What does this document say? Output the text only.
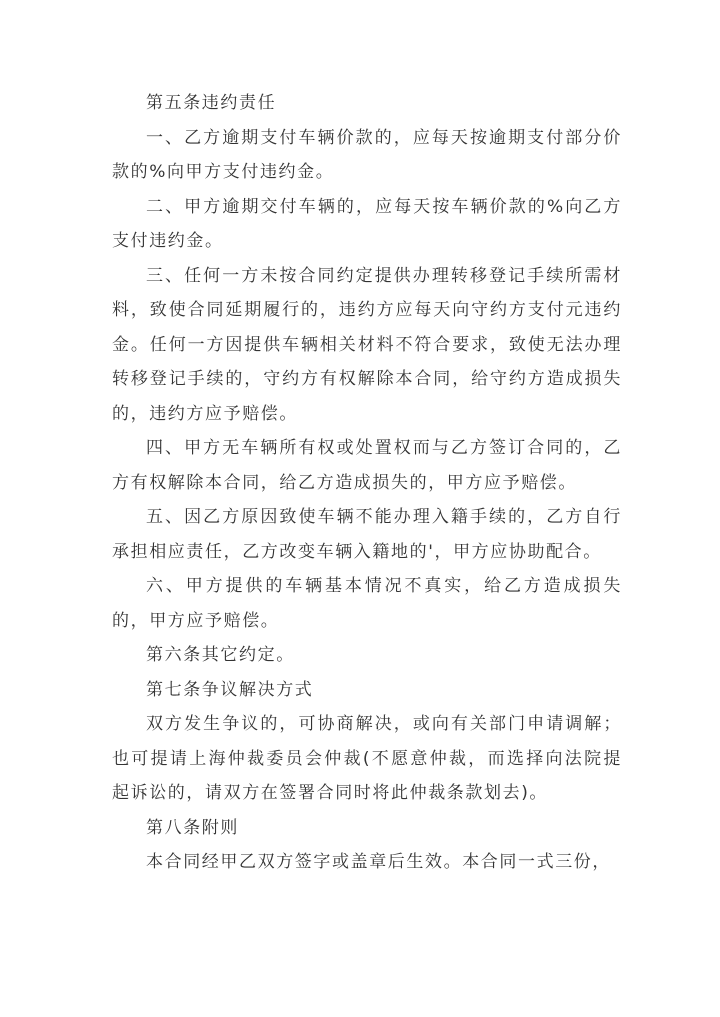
第五条违约责任

一、乙方逾期支付车辆价款的，应每天按逾期支付部分价款的%向甲方支付违约金。

二、甲方逾期交付车辆的，应每天按车辆价款的%向乙方支付违约金。

三、任何一方未按合同约定提供办理转移登记手续所需材料，致使合同延期履行的，违约方应每天向守约方支付元违约金。任何一方因提供车辆相关材料不符合要求，致使无法办理转移登记手续的，守约方有权解除本合同，给守约方造成损失的，违约方应予赔偿。

四、甲方无车辆所有权或处置权而与乙方签订合同的，乙方有权解除本合同，给乙方造成损失的，甲方应予赔偿。

五、因乙方原因致使车辆不能办理入籍手续的，乙方自行承担相应责任，乙方改变车辆入籍地的'，甲方应协助配合。

六、甲方提供的车辆基本情况不真实，给乙方造成损失的，甲方应予赔偿。

第六条其它约定。

第七条争议解决方式

双方发生争议的，可协商解决，或向有关部门申请调解；也可提请上海仲裁委员会仲裁(不愿意仲裁，而选择向法院提起诉讼的，请双方在签署合同时将此仲裁条款划去)。

第八条附则

本合同经甲乙双方签字或盖章后生效。本合同一式三份，
